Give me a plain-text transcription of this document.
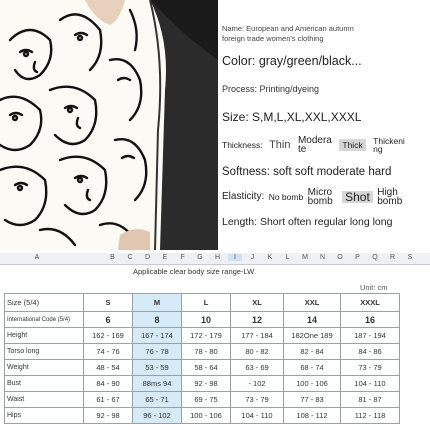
Name: European and American autumn foreign trade women's clothing
Color: gray/green/black...
Process: Printing/dyeing
Size: S,M,L,XL,XXL,XXXL
Thickness: Thin Moderate	Thick Thickening
Softness: soft soft moderate hard
Elasticity: No bomb Micro bomb Shot High bomb
Length: Short often regular long long
A	B	C	D	E	F	G	H	I	J	K	L	M	N	O	P	Q	R	S
Applicable clear body size range-LW
Unit: cm
Size (5/4)	S	M	L	XL	XXL	XXXL
International Code (5/4)	6	8	10	12	14	16
Height	162 - 169	167 - 174	172 - 179	177 - 184	182One 189	187 - 194
Torso long	74 - 76	76 - 78	78 - 80	80 - 82	82 - 84	84 - 86
Weight	48 - 54	53 - 59	58 - 64	63 - 69	68 - 74	73 - 79
Bust	84 - 90	88ms 94	92 - 98	- 102	100 - 106	104 - 110
Waist	61 - 67	65 - 71	69 - 75	73 - 79	77 - 83	81 - 87
Hips	92 - 98	96 - 102	100 - 106	104 - 110	108 - 112	112 - 118
